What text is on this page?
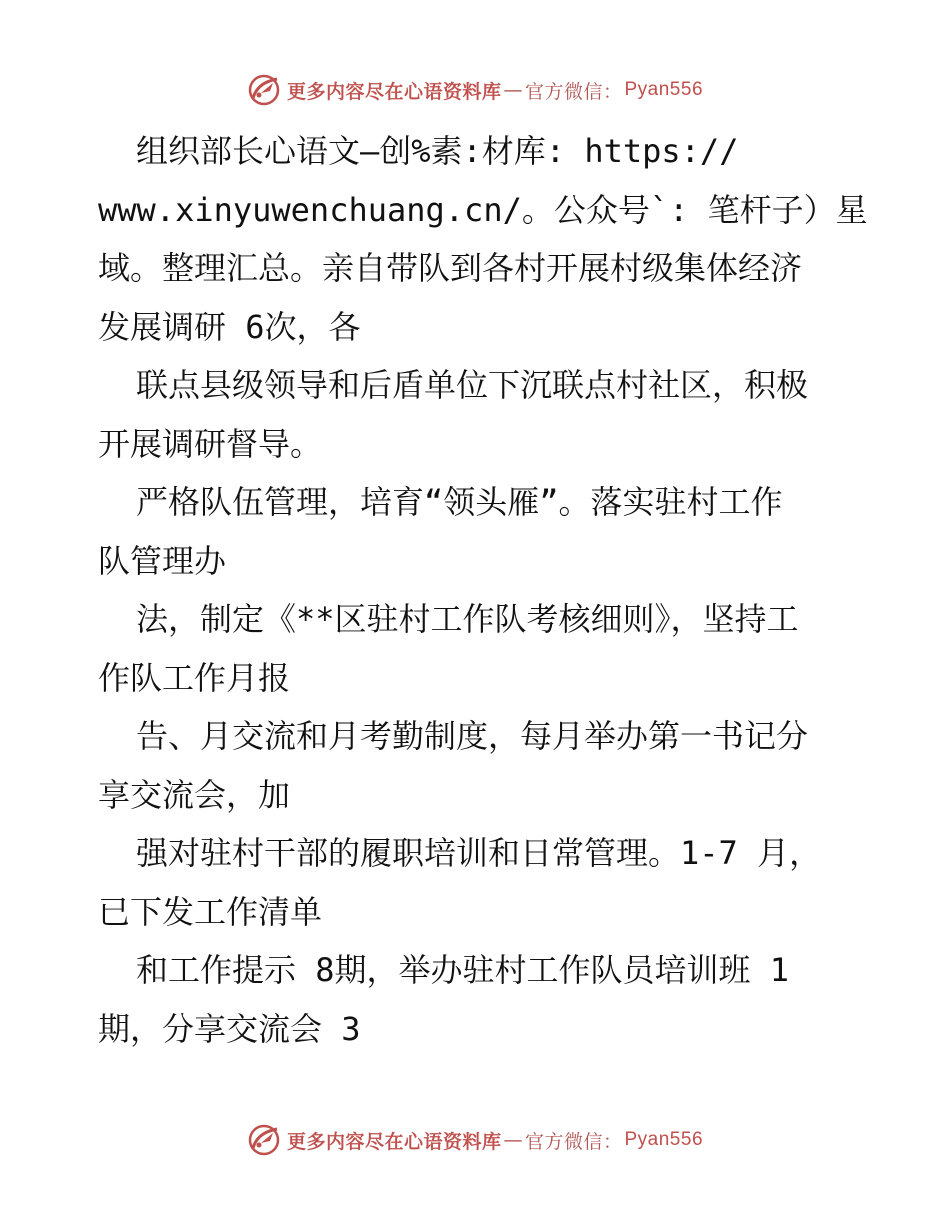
更多内容尽在心语资料库 — 官方微信： Pyan556
组织部长心语文—创%素:材库: https://
www.xinyuwenchuang.cn/。公众号`: 笔杆子）星
域。整理汇总。亲自带队到各村开展村级集体经济
发展调研 6次，各
联点县级领导和后盾单位下沉联点村社区，积极
开展调研督导。
严格队伍管理，培育“领头雁”。落实驻村工作
队管理办
法，制定《**区驻村工作队考核细则》，坚持工
作队工作月报
告、月交流和月考勤制度，每月举办第一书记分
享交流会，加
强对驻村干部的履职培训和日常管理。1-7 月，
已下发工作清单
和工作提示 8期，举办驻村工作队员培训班 1
期，分享交流会 3
更多内容尽在心语资料库 — 官方微信： Pyan556
